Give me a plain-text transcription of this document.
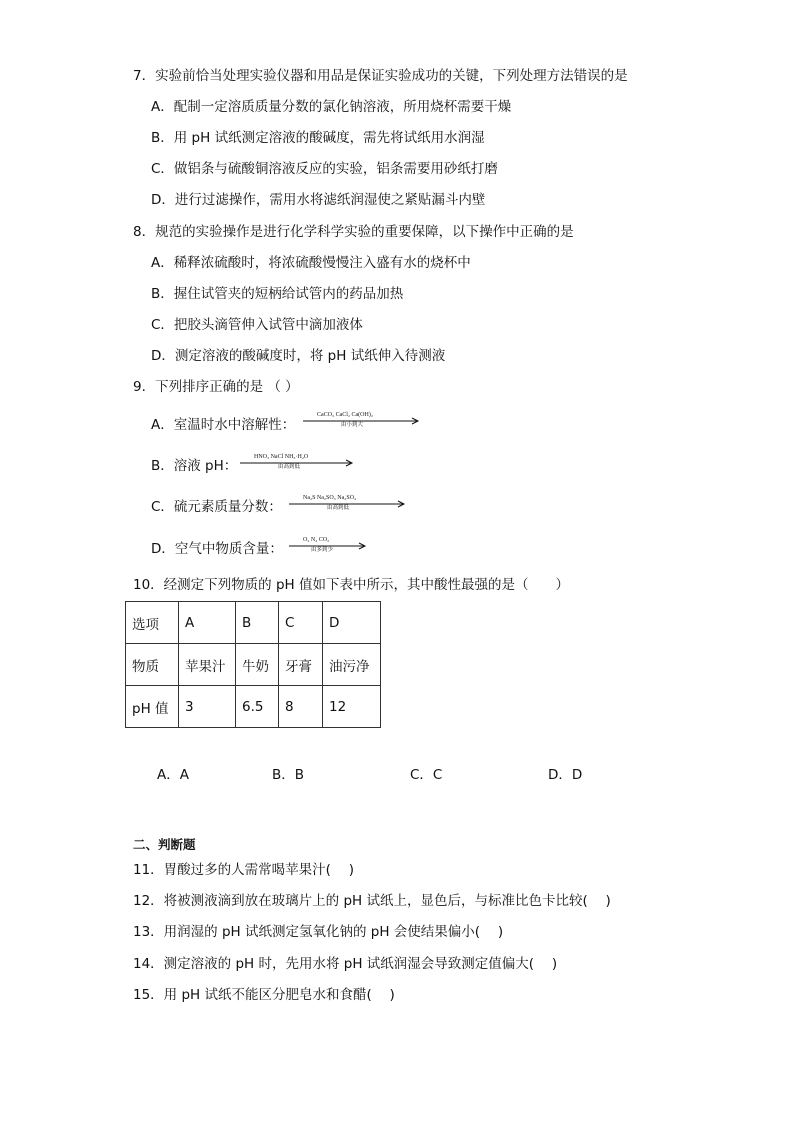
7．实验前恰当处理实验仪器和用品是保证实验成功的关键，下列处理方法错误的是
A．配制一定溶质质量分数的氯化钠溶液，所用烧杯需要干燥
B．用 pH 试纸测定溶液的酸碱度，需先将试纸用水润湿
C．做铝条与硫酸铜溶液反应的实验，铝条需要用砂纸打磨
D．进行过滤操作，需用水将滤纸润湿使之紧贴漏斗内壁
8．规范的实验操作是进行化学科学实验的重要保障，以下操作中正确的是
A．稀释浓硫酸时，将浓硫酸慢慢注入盛有水的烧杯中
B．握住试管夹的短柄给试管内的药品加热
C．把胶头滴管伸入试管中滴加液体
D．测定溶液的酸碱度时，将 pH 试纸伸入待测液
9．下列排序正确的是 （ ）
A．室温时水中溶解性：
CaCO₃ CaCl₂ Ca(OH)₂
由小到大
B．溶液 pH：
HNO₃ NaCl NH₃·H₂O
由高到低
C．硫元素质量分数：
Na₂S Na₂SO₃ Na₂SO₄
由高到低
D．空气中物质含量：
O₂ N₂ CO₂
由多到少
10．经测定下列物质的 pH 值如下表中所示，其中酸性最强的是（　　）
选项	A	B	C	D
物质	苹果汁	牛奶	牙膏	油污净
pH 值	3	6.5	8	12
A．A	B．B	C．C	D．D
二、判断题
11．胃酸过多的人需常喝苹果汁(　 )
12．将被测液滴到放在玻璃片上的 pH 试纸上，显色后，与标准比色卡比较(　 )
13．用润湿的 pH 试纸测定氢氧化钠的 pH 会使结果偏小(　 )
14．测定溶液的 pH 时，先用水将 pH 试纸润湿会导致测定值偏大(　 )
15．用 pH 试纸不能区分肥皂水和食醋(　 )
